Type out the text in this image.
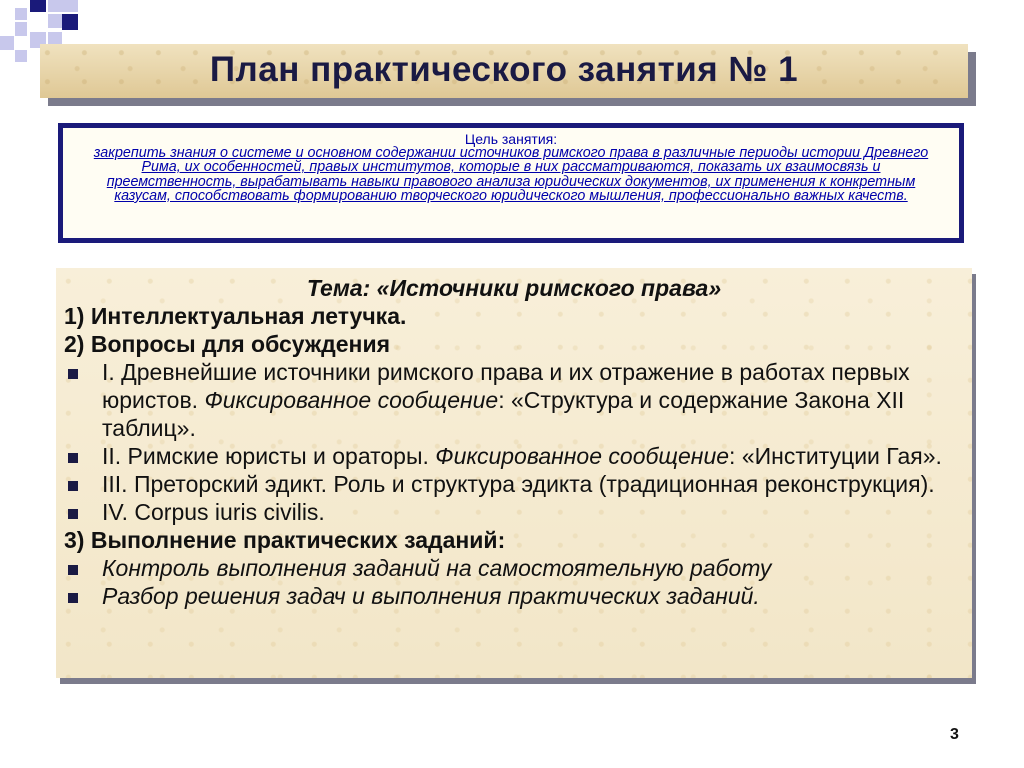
План практического занятия № 1
Цель занятия:
закрепить знания о системе и основном содержании источников римского права в различные периоды истории Древнего Рима, их особенностей, правых институтов, которые в них рассматриваются, показать их взаимосвязь и преемственность, вырабатывать навыки правового анализа юридических документов, их применения к конкретным казусам, способствовать формированию творческого юридического мышления, профессионально важных качеств.
Тема: «Источники римского права»
1) Интеллектуальная летучка.
2) Вопросы для обсуждения
I. Древнейшие источники римского права и их отражение в работах первых юристов. Фиксированное сообщение: «Структура и содержание Закона XII таблиц».
II. Римские юристы и ораторы. Фиксированное сообщение: «Институции Гая».
III. Преторский эдикт. Роль и структура эдикта (традиционная реконструкция).
IV. Corpus iuris civilis.
3) Выполнение практических заданий:
Контроль выполнения заданий на самостоятельную работу
Разбор решения задач и выполнения практических заданий.
3
